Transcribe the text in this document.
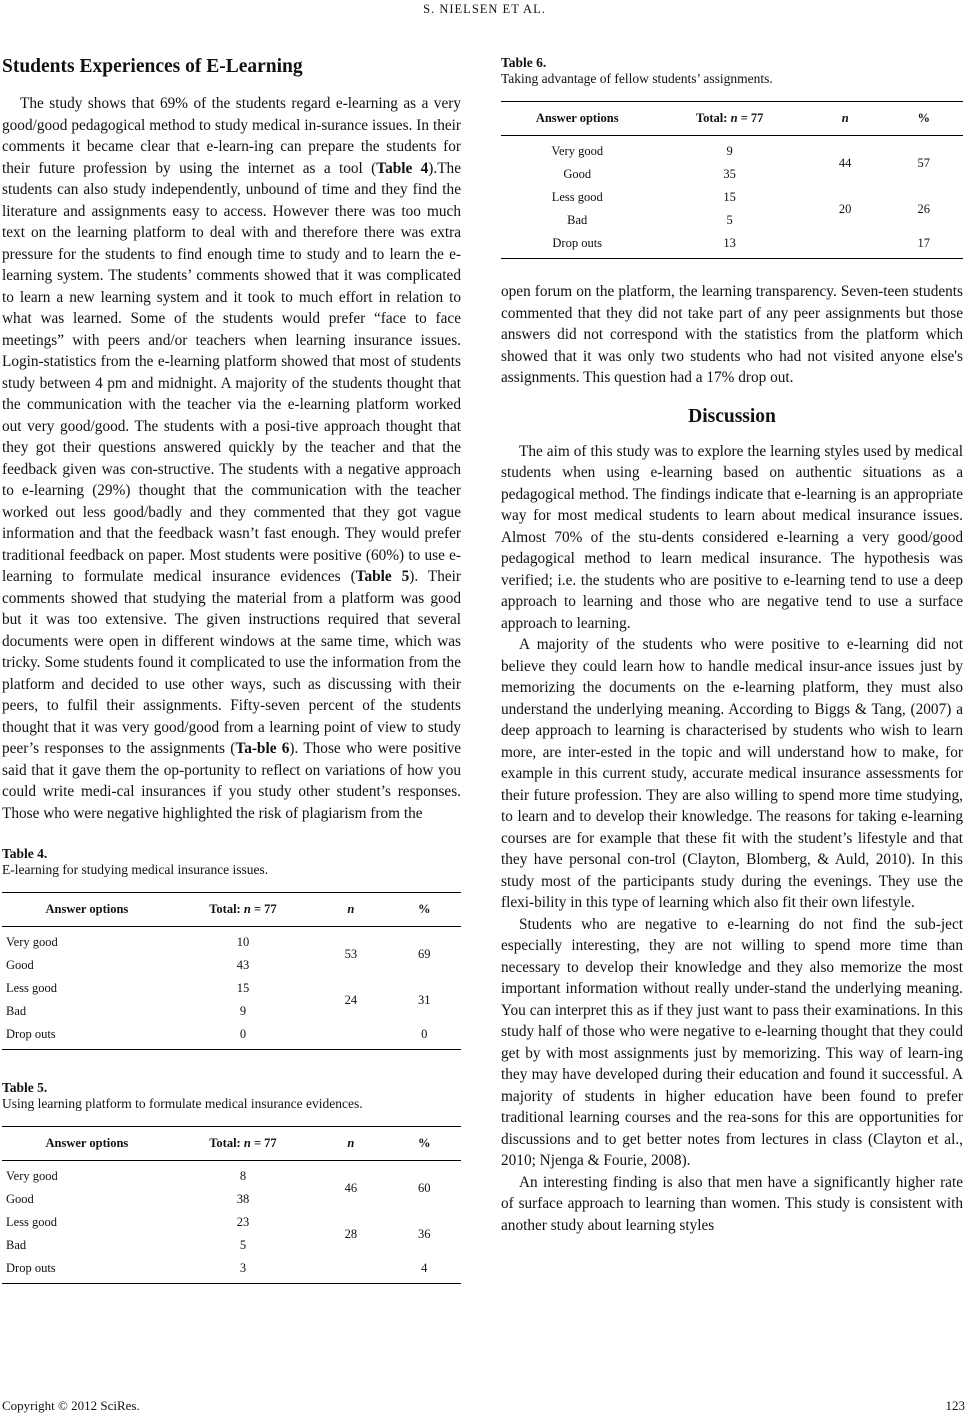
S. NIELSEN ET AL.
Students Experiences of E-Learning

The study shows that 69% of the students regard e-learning as a very good/good pedagogical method to study medical in-surance issues. In their comments it became clear that e-learn-ing can prepare the students for their future profession by using the internet as a tool (Table 4).The students can also study independently, unbound of time and they find the literature and assignments easy to access. However there was too much text on the learning platform to deal with and therefore there was extra pressure for the students to find enough time to study and to learn the e-learning system. The students’ comments showed that it was complicated to learn a new learning system and it took to much effort in relation to what was learned. Some of the students would prefer “face to face meetings” with peers and/or teachers when learning insurance issues. Login-statistics from the e-learning platform showed that most of students study between 4 pm and midnight. A majority of the students thought that the communication with the teacher via the e-learning platform worked out very good/good. The students with a posi-tive approach thought that they got their questions answered quickly by the teacher and that the feedback given was con-structive. The students with a negative approach to e-learning (29%) thought that the communication with the teacher worked out less good/badly and they commented that they got vague information and that the feedback wasn’t fast enough. They would prefer traditional feedback on paper. Most students were positive (60%) to use e-learning to formulate medical insurance evidences (Table 5). Their comments showed that studying the material from a platform was good but it was too extensive. The given instructions required that several documents were open in different windows at the same time, which was tricky. Some students found it complicated to use the information from the platform and decided to use other ways, such as discussing with their peers, to fulfil their assignments. Fifty-seven percent of the students thought that it was very good/good from a learning point of view to study peer’s responses to the assignments (Ta-ble 6). Those who were positive said that it gave them the op-portunity to reflect on variations of how you could write medi-cal insurances if you study other student’s responses. Those who were negative highlighted the risk of plagiarism from the

Table 4.
E-learning for studying medical insurance issues.
Answer options	Total: n = 77	n	%
Very good	10	53	69
Good	43		
Less good	15	24	31
Bad	9		
Drop outs	0		0
Table 5.
Using learning platform to formulate medical insurance evidences.
Answer options	Total: n = 77	n	%
Very good	8	46	60
Good	38		
Less good	23	28	36
Bad	5		
Drop outs	3		4
Table 6.
Taking advantage of fellow students’ assignments.
Answer options	Total: n = 77	n	%
Very good	9	44	57
Good	35		
Less good	15	20	26
Bad	5		
Drop outs	13		17

open forum on the platform, the learning transparency. Seven-teen students commented that they did not take part of any peer assignments but those answers did not correspond with the statistics from the platform which showed that it was only two students who had not visited anyone else's assignments. This question had a 17% drop out.

Discussion

The aim of this study was to explore the learning styles used by medical students when using e-learning based on authentic situations as a pedagogical method. The findings indicate that e-learning is an appropriate way for most medical students to learn about medical insurance issues. Almost 70% of the stu-dents considered e-learning a very good/good pedagogical method to learn medical insurance. The hypothesis was verified; i.e. the students who are positive to e-learning tend to use a deep approach to learning and those who are negative tend to use a surface approach to learning.

A majority of the students who were positive to e-learning did not believe they could learn how to handle medical insur-ance issues just by memorizing the documents on the e-learning platform, they must also understand the underlying meaning. According to Biggs & Tang, (2007) a deep approach to learning is characterised by students who wish to learn more, are inter-ested in the topic and will understand how to make, for example in this current study, accurate medical insurance assessments for their future profession. They are also willing to spend more time studying, to learn and to develop their knowledge. The reasons for taking e-learning courses are for example that these fit with the student’s lifestyle and that they have personal con-trol (Clayton, Blomberg, & Auld, 2010). In this study most of the participants study during the evenings. They use the flexi-bility in this type of learning which also fit their own lifestyle.

Students who are negative to e-learning do not find the sub-ject especially interesting, they are not willing to spend more time than necessary to develop their knowledge and they also memorize the most important information without really under-stand the underlying meaning. You can interpret this as if they just want to pass their examinations. In this study half of those who were negative to e-learning thought that they could get by with most assignments just by memorizing. This way of learn-ing they may have developed during their education and found it successful. A majority of students in higher education have been found to prefer traditional learning courses and the rea-sons for this are opportunities for discussions and to get better notes from lectures in class (Clayton et al., 2010; Njenga & Fourie, 2008).

An interesting finding is also that men have a significantly higher rate of surface approach to learning than women. This study is consistent with another study about learning styles

Copyright © 2012 SciRes.	123
